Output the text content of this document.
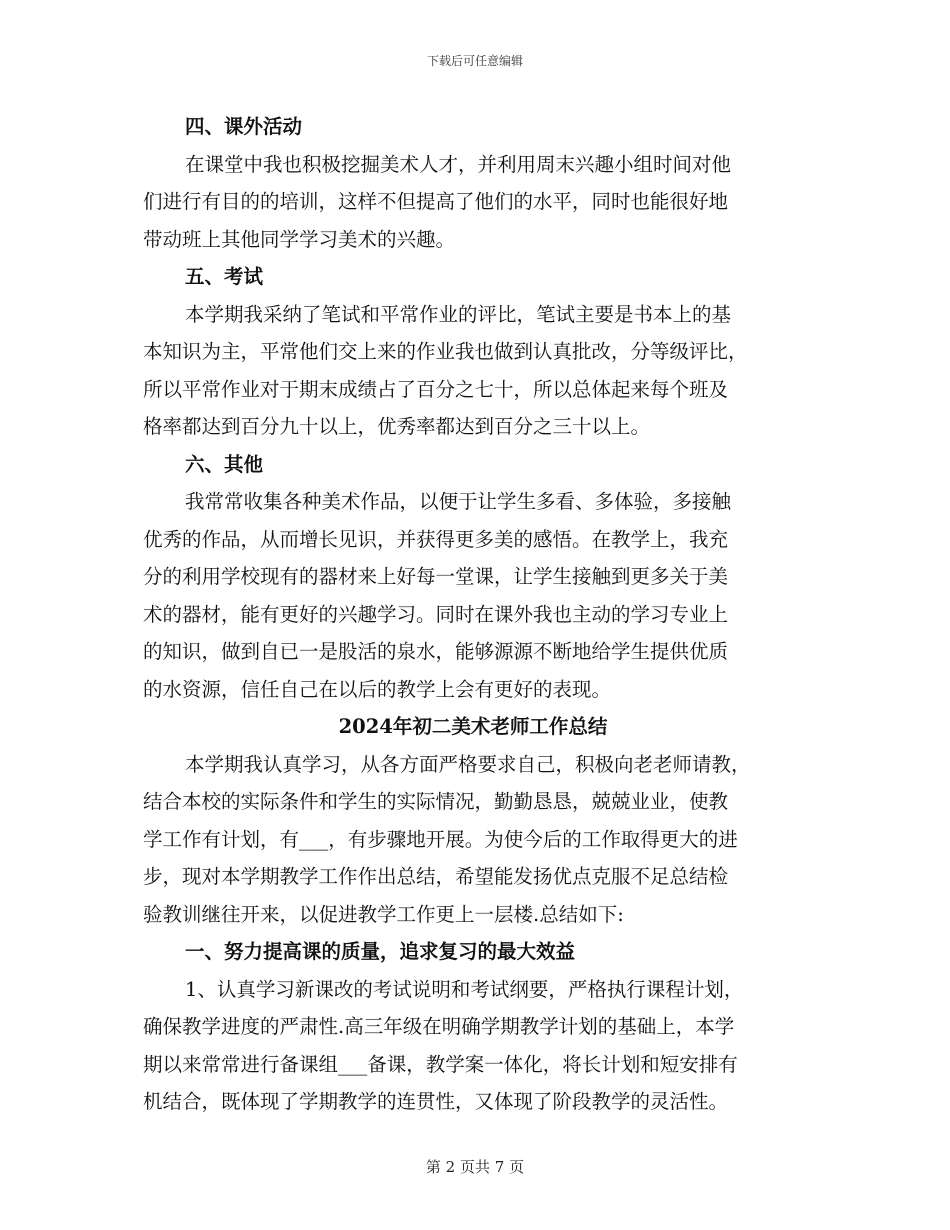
下载后可任意编辑
四、课外活动
在课堂中我也积极挖掘美术人才，并利用周末兴趣小组时间对他
们进行有目的的培训，这样不但提高了他们的水平，同时也能很好地
带动班上其他同学学习美术的兴趣。
五、考试
本学期我采纳了笔试和平常作业的评比，笔试主要是书本上的基
本知识为主，平常他们交上来的作业我也做到认真批改，分等级评比，
所以平常作业对于期末成绩占了百分之七十，所以总体起来每个班及
格率都达到百分九十以上，优秀率都达到百分之三十以上。
六、其他
我常常收集各种美术作品，以便于让学生多看、多体验，多接触
优秀的作品，从而增长见识，并获得更多美的感悟。在教学上，我充
分的利用学校现有的器材来上好每一堂课，让学生接触到更多关于美
术的器材，能有更好的兴趣学习。同时在课外我也主动的学习专业上
的知识，做到自已一是股活的泉水，能够源源不断地给学生提供优质
的水资源，信任自己在以后的教学上会有更好的表现。
2024年初二美术老师工作总结
本学期我认真学习，从各方面严格要求自己，积极向老老师请教，
结合本校的实际条件和学生的实际情况，勤勤恳恳，兢兢业业，使教
学工作有计划，有___，有步骤地开展。为使今后的工作取得更大的进
步，现对本学期教学工作作出总结，希望能发扬优点克服不足总结检
验教训继往开来，以促进教学工作更上一层楼.总结如下:
一、努力提高课的质量，追求复习的最大效益
1、认真学习新课改的考试说明和考试纲要，严格执行课程计划，
确保教学进度的严肃性.高三年级在明确学期教学计划的基础上，本学
期以来常常进行备课组___备课，教学案一体化，将长计划和短安排有
机结合，既体现了学期教学的连贯性，又体现了阶段教学的灵活性。
第 2 页共 7 页
